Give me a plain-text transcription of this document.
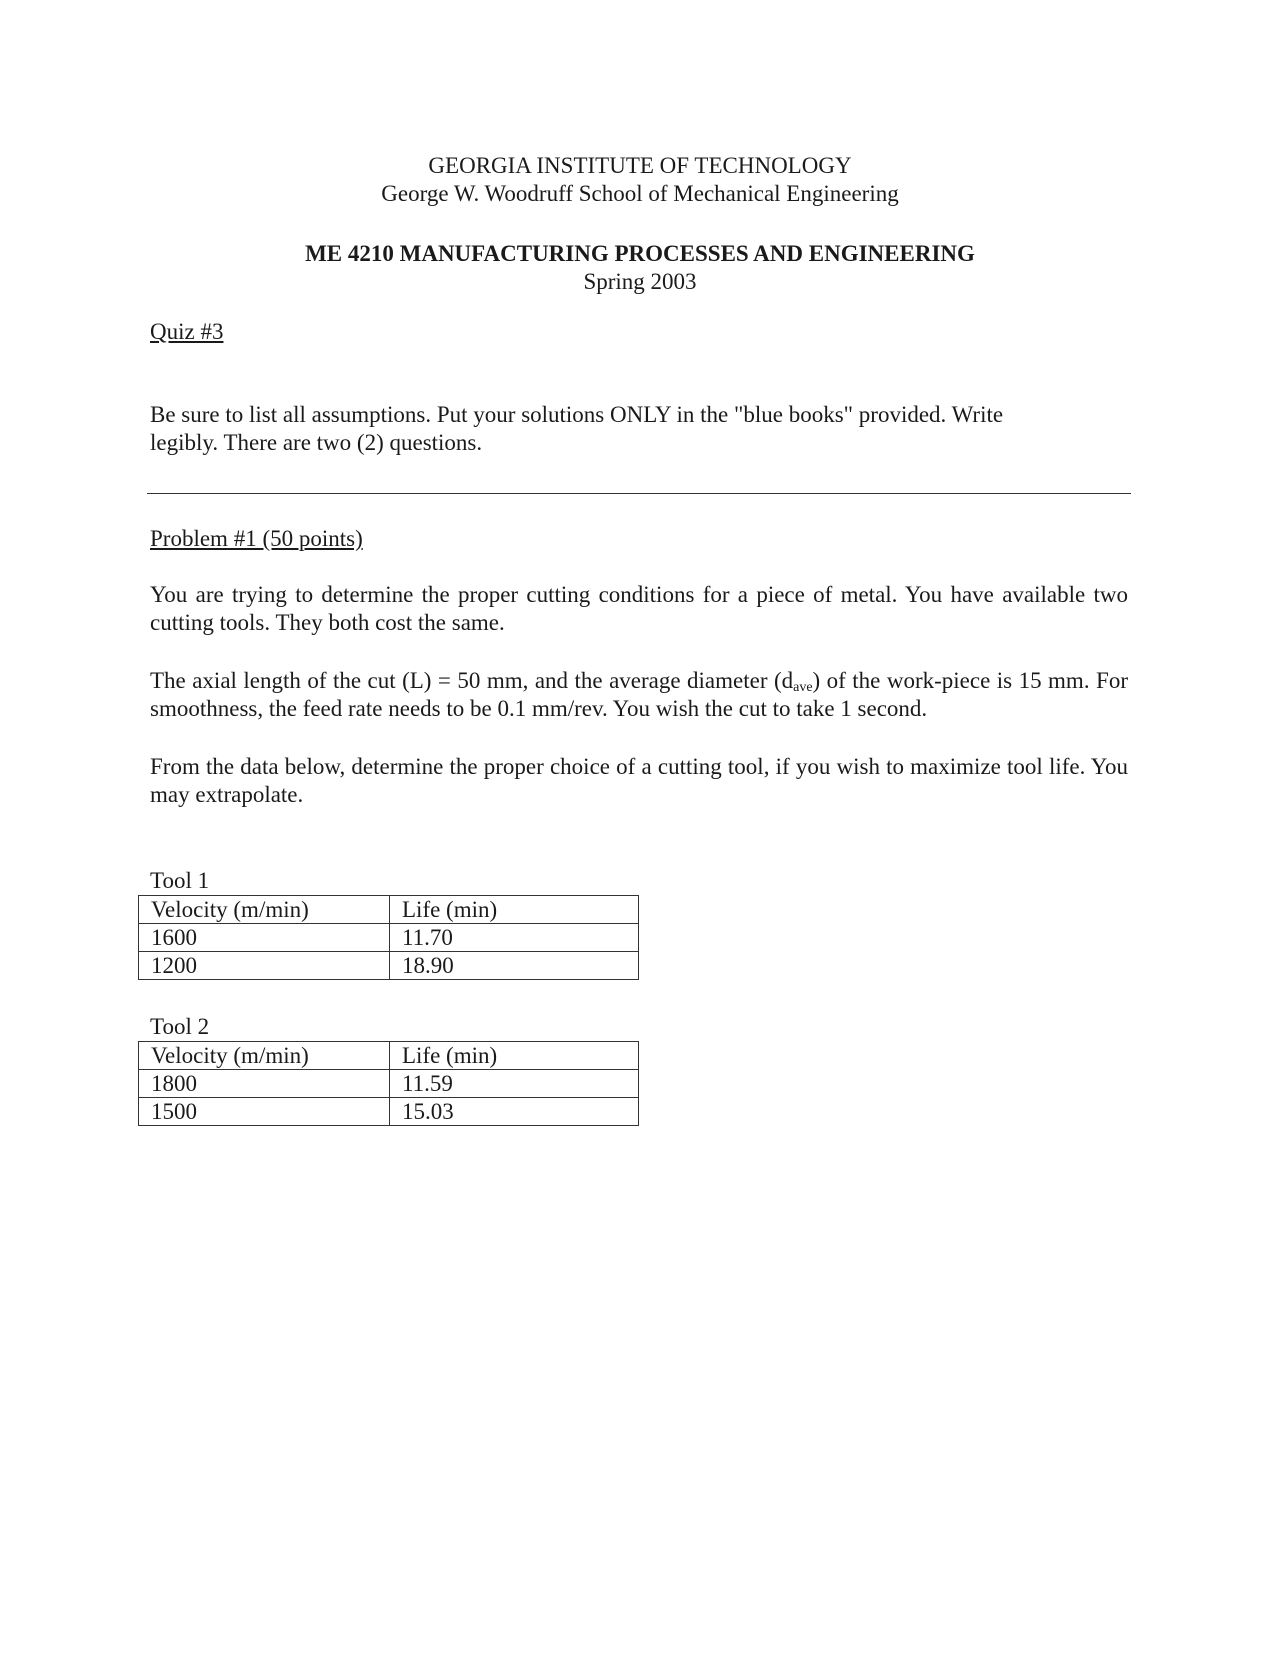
GEORGIA INSTITUTE OF TECHNOLOGY
George W. Woodruff School of Mechanical Engineering
ME 4210 MANUFACTURING PROCESSES AND ENGINEERING
Spring 2003
Quiz #3
Be sure to list all assumptions. Put your solutions ONLY in the "blue books" provided. Write
legibly. There are two (2) questions.
Problem #1 (50 points)
You are trying to determine the proper cutting conditions for a piece of metal. You have available two cutting tools. They both cost the same.
The axial length of the cut (L) = 50 mm, and the average diameter $(d_{ave})$ of the work-piece is 15 mm. For smoothness, the feed rate needs to be 0.1 mm/rev. You wish the cut to take 1 second.
From the data below, determine the proper choice of a cutting tool, if you wish to maximize tool life. You may extrapolate.
Tool 1
Velocity (m/min)	Life (min)
1600	11.70
1200	18.90
Tool 2
Velocity (m/min)	Life (min)
1800	11.59
1500	15.03
